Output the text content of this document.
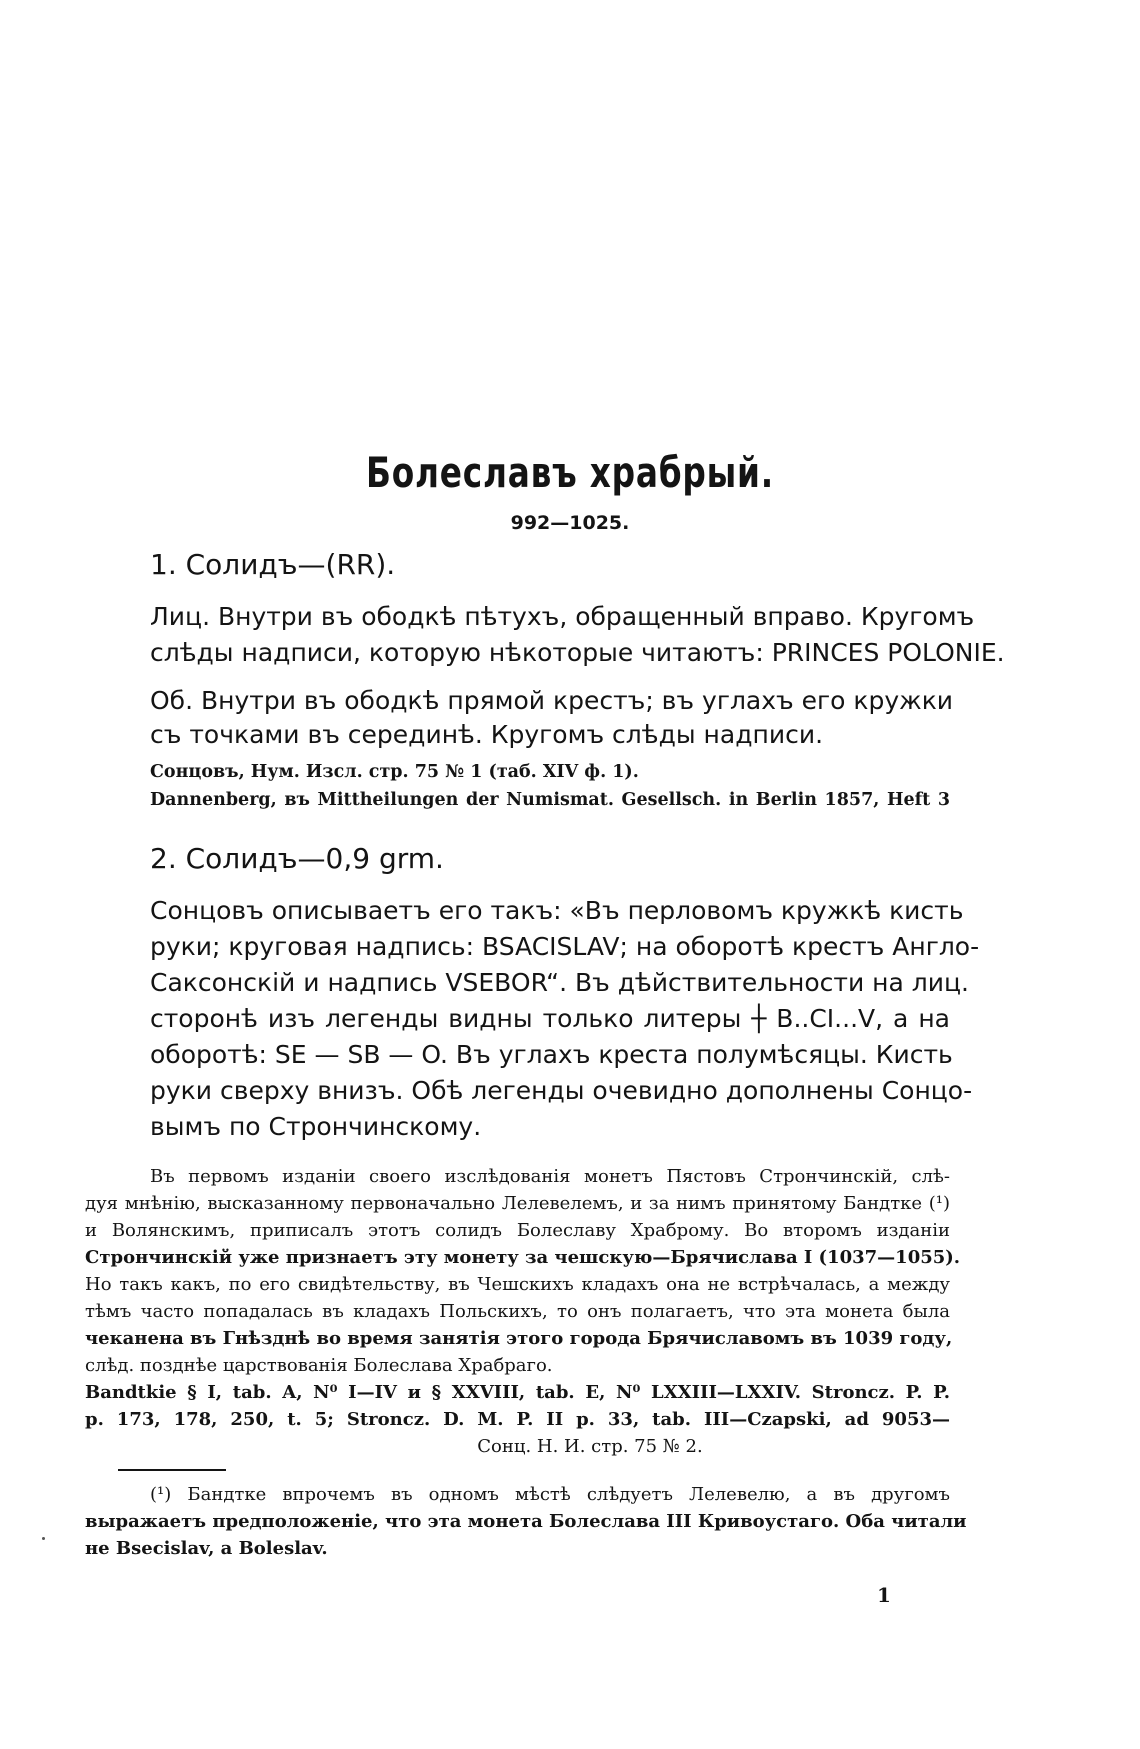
Болеславъ храбрый.
992—1025.
1. Солидъ—(RR).
Лиц. Внутри въ ободкѣ пѣтухъ, обращенный вправо. Кругомъ
слѣды надписи, которую нѣкоторые читаютъ: PRINCES POLONIE.
Об. Внутри въ ободкѣ прямой крестъ; въ углахъ его кружки
съ точками въ серединѣ. Кругомъ слѣды надписи.
Сонцовъ, Нум. Изсл. стр. 75 № 1 (таб. XIV ф. 1).
Dannenberg, въ Mittheilungen der Numismat. Gesellsch. in Berlin 1857, Heft 3
2. Солидъ—0,9 grm.
Сонцовъ описываетъ его такъ: «Въ перловомъ кружкѣ кисть
руки; круговая надпись: BSACISLAV; на оборотѣ крестъ Англо-
Саксонскій и надпись VSEBOR“. Въ дѣйствительности на лиц.
сторонѣ изъ легенды видны только литеры ┼ B..CI...V, а на
оборотѣ: SE — SB — O. Въ углахъ креста полумѣсяцы. Кисть
руки сверху внизъ. Обѣ легенды очевидно дополнены Сонцо-
вымъ по Стрончинскому.
Въ первомъ изданіи своего изслѣдованія монетъ Пястовъ Стрончинскій, слѣ-
дуя мнѣнію, высказанному первоначально Лелевелемъ, и за нимъ принятому Бандтке (¹)
и Волянскимъ, приписалъ этотъ солидъ Болеславу Храброму. Во второмъ изданіи
Стрончинскій уже признаетъ эту монету за чешскую—Брячислава I (1037—1055).
Но такъ какъ, по его свидѣтельству, въ Чешскихъ кладахъ она не встрѣчалась, а между
тѣмъ часто попадалась въ кладахъ Польскихъ, то онъ полагаетъ, что эта монета была
чеканена въ Гнѣзднѣ во время занятія этого города Брячиславомъ въ 1039 году,
слѣд. позднѣе царствованія Болеслава Храбраго.
Bandtkie § I, tab. A, N⁰ I—IV и § XXVIII, tab. E, N⁰ LXXIII—LXXIV. Stroncz. P. P.
p. 173, 178, 250, t. 5; Stroncz. D. M. P. II p. 33, tab. III—Czapski, ad 9053—
Сонц. Н. И. стр. 75 № 2.
(¹) Бандтке впрочемъ въ одномъ мѣстѣ слѣдуетъ Лелевелю, а въ другомъ
выражаетъ предположеніе, что эта монета Болеслава III Кривоустаго. Оба читали
не Bsecislav, а Boleslav.
1
